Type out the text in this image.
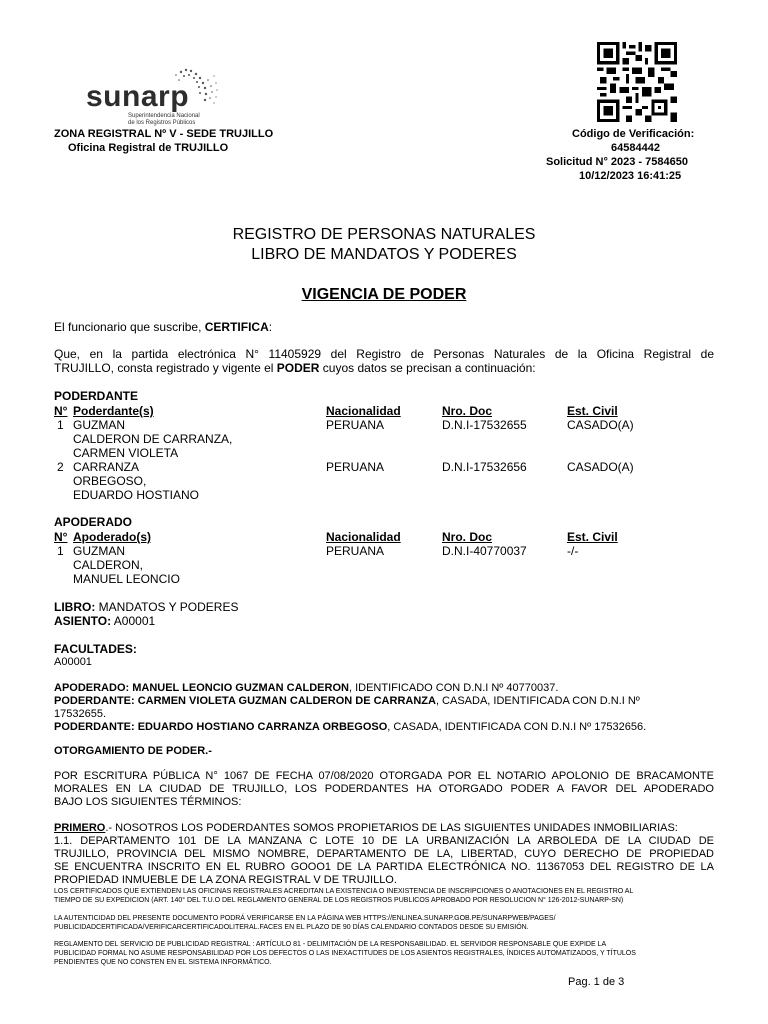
sunarp
Superintendencia Nacional
de los Registros Públicos
ZONA REGISTRAL Nº V - SEDE TRUJILLO
Oficina Registral de TRUJILLO
Código de Verificación:
64584442
Solicitud N° 2023 - 7584650
10/12/2023 16:41:25
REGISTRO DE PERSONAS NATURALES
LIBRO DE MANDATOS Y PODERES
VIGENCIA DE PODER
El funcionario que suscribe, CERTIFICA:
Que, en la partida electrónica N° 11405929 del Registro de Personas Naturales de la Oficina Registral de
TRUJILLO, consta registrado y vigente el PODER cuyos datos se precisan a continuación:
PODERDANTE
N° Poderdante(s)	Nacionalidad	Nro. Doc	Est. Civil
1 GUZMAN
CALDERON DE CARRANZA,
CARMEN VIOLETA
PERUANA	D.N.I-17532655	CASADO(A)
2 CARRANZA
ORBEGOSO,
EDUARDO HOSTIANO
PERUANA	D.N.I-17532656	CASADO(A)
APODERADO
N° Apoderado(s)	Nacionalidad	Nro. Doc	Est. Civil
1 GUZMAN
CALDERON,
MANUEL LEONCIO
PERUANA	D.N.I-40770037	-/-
LIBRO: MANDATOS Y PODERES
ASIENTO: A00001
FACULTADES:
A00001
APODERADO: MANUEL LEONCIO GUZMAN CALDERON, IDENTIFICADO CON D.N.I Nº 40770037.
PODERDANTE: CARMEN VIOLETA GUZMAN CALDERON DE CARRANZA, CASADA, IDENTIFICADA CON D.N.I Nº
17532655.
PODERDANTE: EDUARDO HOSTIANO CARRANZA ORBEGOSO, CASADA, IDENTIFICADA CON D.N.I Nº 17532656.
OTORGAMIENTO DE PODER.-
POR ESCRITURA PÚBLICA N° 1067 DE FECHA 07/08/2020 OTORGADA POR EL NOTARIO APOLONIO DE BRACAMONTE
MORALES EN LA CIUDAD DE TRUJILLO, LOS PODERDANTES HA OTORGADO PODER A FAVOR DEL APODERADO
BAJO LOS SIGUIENTES TÉRMINOS:
PRIMERO.- NOSOTROS LOS PODERDANTES SOMOS PROPIETARIOS DE LAS SIGUIENTES UNIDADES INMOBILIARIAS:
1.1. DEPARTAMENTO 101 DE LA MANZANA C LOTE 10 DE LA URBANIZACIÓN LA ARBOLEDA DE LA CIUDAD DE
TRUJILLO, PROVINCIA DEL MISMO NOMBRE, DEPARTAMENTO DE LA, LIBERTAD, CUYO DERECHO DE PROPIEDAD
SE ENCUENTRA INSCRITO EN EL RUBRO GOOO1 DE LA PARTIDA ELECTRÓNICA NO. 11367053 DEL REGISTRO DE LA
PROPIEDAD INMUEBLE DE LA ZONA REGISTRAL V DE TRUJILLO.
LOS CERTIFICADOS QUE EXTIENDEN LAS OFICINAS REGISTRALES ACREDITAN LA EXISTENCIA O INEXISTENCIA DE INSCRIPCIONES O ANOTACIONES EN EL REGISTRO AL
TIEMPO DE SU EXPEDICION (ART. 140° DEL T.U.O DEL REGLAMENTO GENERAL DE LOS REGISTROS PUBLICOS APROBADO POR RESOLUCION N° 126-2012-SUNARP-SN)
LA AUTENTICIDAD DEL PRESENTE DOCUMENTO PODRÁ VERIFICARSE EN LA PÁGINA WEB HTTPS://ENLINEA.SUNARP.GOB.PE/SUNARPWEB/PAGES/
PUBLICIDADCERTIFICADA/VERIFICARCERTIFICADOLITERAL.FACES EN EL PLAZO DE 90 DÍAS CALENDARIO CONTADOS DESDE SU EMISIÓN.
REGLAMENTO DEL SERVICIO DE PUBLICIDAD REGISTRAL : ARTÍCULO 81 - DELIMITACIÓN DE LA RESPONSABILIDAD. EL SERVIDOR RESPONSABLE QUE EXPIDE LA
PUBLICIDAD FORMAL NO ASUME RESPONSABILIDAD POR LOS DEFECTOS O LAS INEXACTITUDES DE LOS ASIENTOS REGISTRALES, ÍNDICES AUTOMATIZADOS, Y TÍTULOS
PENDIENTES QUE NO CONSTEN EN EL SISTEMA INFORMÁTICO.
Pag. 1 de 3
